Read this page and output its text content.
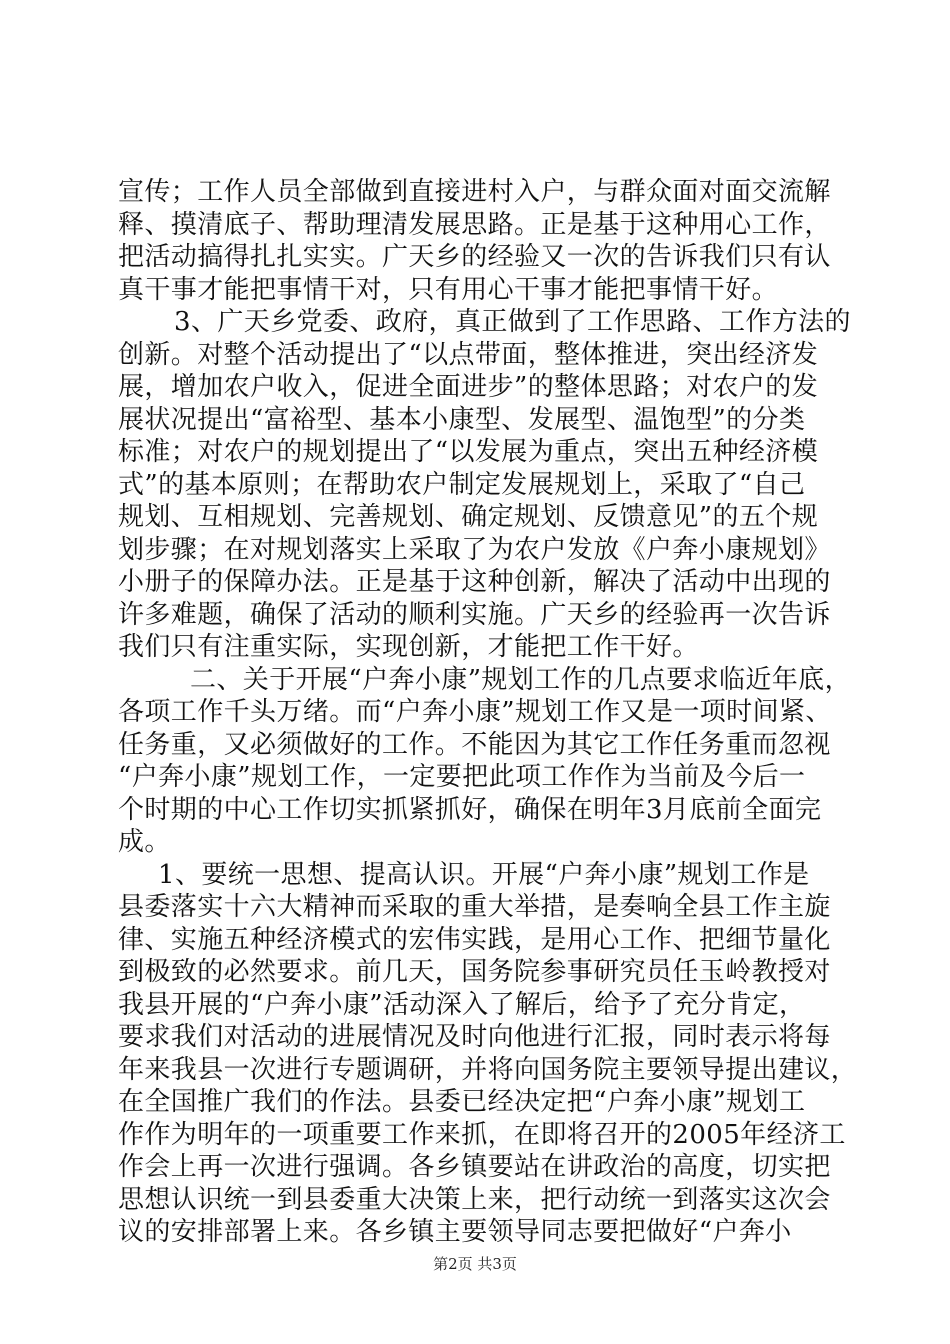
宣传；工作人员全部做到直接进村入户，与群众面对面交流解
释、摸清底子、帮助理清发展思路。正是基于这种用心工作，
把活动搞得扎扎实实。广天乡的经验又一次的告诉我们只有认
真干事才能把事情干对，只有用心干事才能把事情干好。
3、广天乡党委、政府，真正做到了工作思路、工作方法的
创新。对整个活动提出了“以点带面，整体推进，突出经济发
展，增加农户收入，促进全面进步”的整体思路；对农户的发
展状况提出“富裕型、基本小康型、发展型、温饱型”的分类
标准；对农户的规划提出了“以发展为重点，突出五种经济模
式”的基本原则；在帮助农户制定发展规划上，采取了“自己
规划、互相规划、完善规划、确定规划、反馈意见”的五个规
划步骤；在对规划落实上采取了为农户发放《户奔小康规划》
小册子的保障办法。正是基于这种创新，解决了活动中出现的
许多难题，确保了活动的顺利实施。广天乡的经验再一次告诉
我们只有注重实际，实现创新，才能把工作干好。
二、关于开展“户奔小康”规划工作的几点要求临近年底，
各项工作千头万绪。而“户奔小康”规划工作又是一项时间紧、
任务重，又必须做好的工作。不能因为其它工作任务重而忽视
“户奔小康”规划工作，一定要把此项工作作为当前及今后一
个时期的中心工作切实抓紧抓好，确保在明年3月底前全面完
成。
1、要统一思想、提高认识。开展“户奔小康”规划工作是
县委落实十六大精神而采取的重大举措，是奏响全县工作主旋
律、实施五种经济模式的宏伟实践，是用心工作、把细节量化
到极致的必然要求。前几天，国务院参事研究员任玉岭教授对
我县开展的“户奔小康”活动深入了解后，给予了充分肯定，
要求我们对活动的进展情况及时向他进行汇报，同时表示将每
年来我县一次进行专题调研，并将向国务院主要领导提出建议，
在全国推广我们的作法。县委已经决定把“户奔小康”规划工
作作为明年的一项重要工作来抓，在即将召开的2005年经济工
作会上再一次进行强调。各乡镇要站在讲政治的高度，切实把
思想认识统一到县委重大决策上来，把行动统一到落实这次会
议的安排部署上来。各乡镇主要领导同志要把做好“户奔小
第2页 共3页
